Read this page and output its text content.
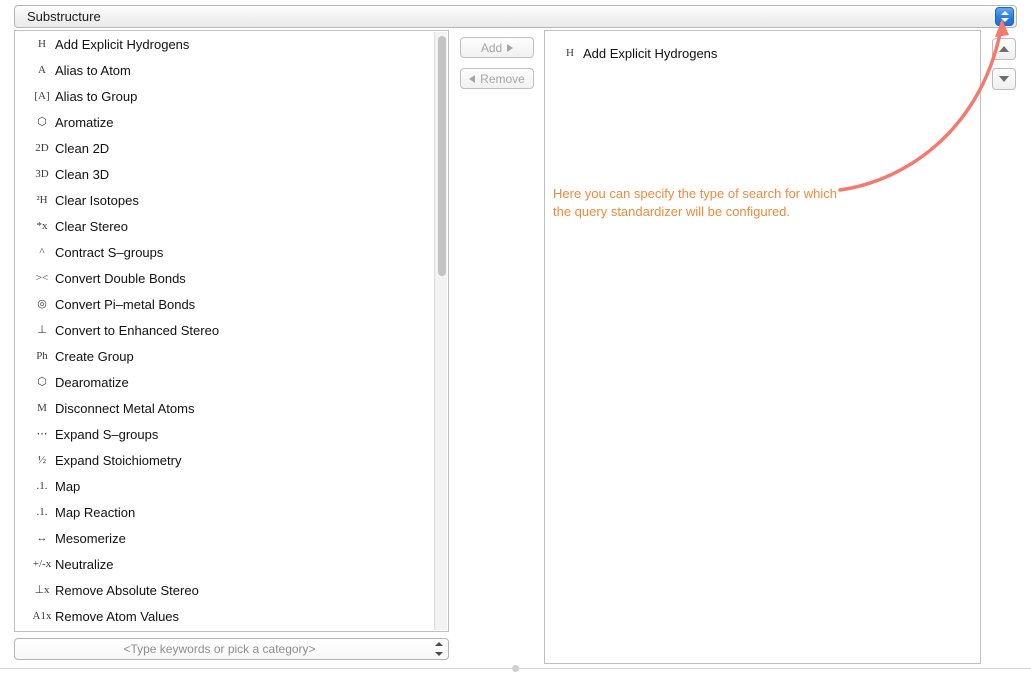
Substructure
H Add Explicit Hydrogens
A Alias to Atom
[A] Alias to Group
⬡ Aromatize
2D Clean 2D
3D Clean 3D
²H Clear Isotopes
*x Clear Stereo
^ Contract S–groups
>< Convert Double Bonds
◎ Convert Pi–metal Bonds
⊥ Convert to Enhanced Stereo
Ph Create Group
⬡ Dearomatize
M Disconnect Metal Atoms
⋯ Expand S–groups
½ Expand Stoichiometry
.1. Map
.1. Map Reaction
↔ Mesomerize
+/-x Neutralize
⊥x Remove Absolute Stereo
A1x Remove Atom Values
<Type keywords or pick a category>
Add
Remove
H Add Explicit Hydrogens
Here you can specify the type of search for which the query standardizer will be configured.
